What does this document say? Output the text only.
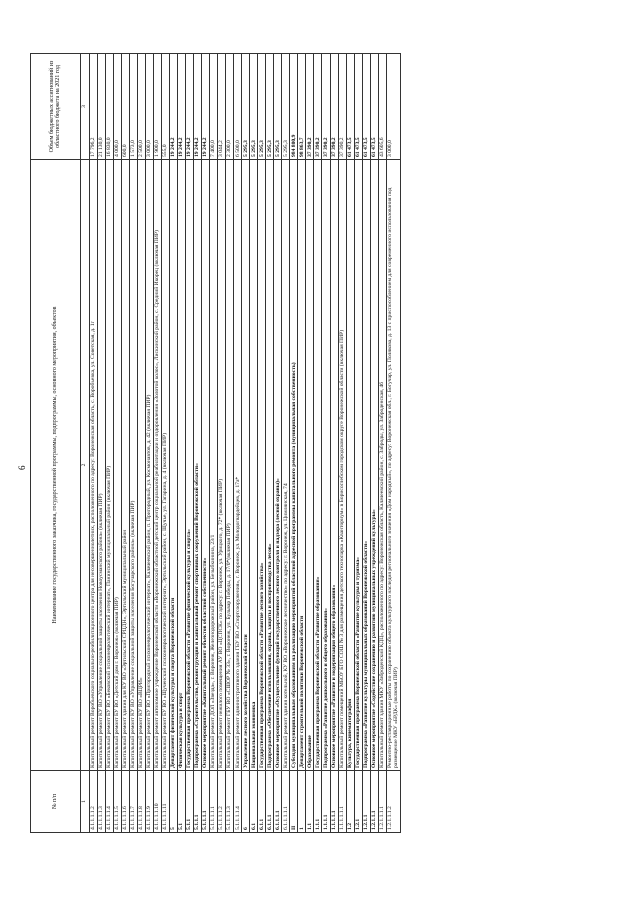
6
№ п/п	Наименование государственного заказчика, государственной программы, подпрограммы, основного мероприятия, объектов	Объем бюджетных ассигнований из областного бюджета на 2021 год
1	2	3
4.1.1.1.1.2	Капитальный ремонт Воробьевского социально-реабилитационного центра для несовершеннолетних, расположенного по адресу: Воронежская область, с. Воробьевка, ул. Советская, д. 1г	17 796,2
4.1.1.1.1.3	Капитальный ремонт КУ ВО «Управление социальной защиты населения Новоусманского района» (включая ПИР)	21 130,0
4.1.1.1.1.4	Капитальный ремонт БУ ВО «Бековский психоневрологический интернат», Панинский муниципальный район (включая ПИР)	16 830,0
4.1.1.1.1.5	Капитальный ремонт БУ ВО «Детский дом г. Воронеж» (включая ПИР)	4 000,0
4.1.1.1.1.6	Капитальный ремонт здания для КУ ВО «Эртильский СРЦДН», Эртильский муниципальный район	600,0
4.1.1.1.1.7	Капитальный ремонт КУ ВО «Управление социальной защиты населения Богучарского района» (включая ПИР)	1 573,0
4.1.1.1.1.8	Капитальный ремонт КУ ВО «ВЦРИ»	2 500,0
4.1.1.1.1.9	Капитальный ремонт БУ ВО «Пригородный психоневрологический интернат», Калачеевский район, п. Пригородный, ул. Космонавтов, д. 42 (включая ПИР)	3 000,0
4.1.1.1.1.10	Капитальный ремонт автономное учреждение Воронежской области «Воронежский областной детский центр социальной реабилитации и оздоровления «Золотой колос», Лискинский район, с. Средний Икорец (включая ПИР)	1 900,0
4.1.1.1.1.11	Капитальный ремонт БУ ВО «Щученский психоневрологический интернат», Эртильский район, с. Щучье, ул. Гагарина, д. 4 (включая ПИР)	555,0
5	Департамент физической культуры и спорта Воронежской области	19 244,2
5.1	Физическая культура и спорт	19 244,2
5.1.1	Государственная программа Воронежской области «Развитие физической культуры и спорта»	19 244,2
5.1.1.1	Подпрограмма «Строительство, реконструкция и капитальный ремонт спортивных сооружений Воронежской области»	19 244,2
5.1.1.1.1	Основное мероприятие «Капитальный ремонт объектов областной собственности»	19 244,2
5.1.1.1.1.1	Капитальный ремонт ДОЛ «Звезда», г. Воронеж, Железнодорожный район, ул. Безыбкинина, 23/1	7 400,0
5.1.1.1.1.2	Капитальный ремонт нежилого помещения АУ ВО «ЦСПСК» по адресу: г. Воронеж, ул. Урицкого, д. 72* (включая ПИР)	3 044,2
5.1.1.1.1.3	Капитальный ремонт ГБУ ВО «СШОР № 33», г. Воронеж, ул. Бульвар Победы, д. 17/0*(включая ПИР)	2 300,0
5.1.1.1.1.4	Капитальный ремонт административного здания ГБУ ВО «Спортсооружения», г. Воронеж, ул. Молодогвардейцев, д. 17а*	6 500,0
6	Управление лесного хозяйства Воронежской области	5 295,3
6.1	Национальная экономика	5 295,3
6.1.1	Государственная программа Воронежской области «Развитие лесного хозяйства»	5 295,3
6.1.1.1	Подпрограмма «Обеспечение использования, охраны, защиты и воспроизводства лесов»	5 295,3
6.1.1.1.1	Основное мероприятие «Осуществление функций государственного лесного контроля и надзора (лесной охраны)»	5 295,3
6.1.1.1.1.1	Капитальный ремонт здания котельной, КУ ВО «Воронежское лесничество» по адресу: г. Воронеж, ул. Цимлянская, 74	5 295,3
II	Субсидии муниципальным образованиям на реализацию мероприятий областной адресной программы капитального ремонта (муниципальная собственность)	984 800,9
1	Департамент строительной политики Воронежской области	98 863,7
1.1	Образование	37 390,2
1.1.1	Государственная программа Воронежской области «Развитие образования»	37 390,2
1.1.1.1	Подпрограмма «Развитие дошкольного и общего образования»	37 390,2
1.1.1.1.1	Основное мероприятие «Развитие и модернизация общего образования»	37 390,2
1.1.1.1.1.1	Капитальный ремонт помещений МБОУ БГО СОШ № 3 для размещения детского технопарка «Кванториум» в Борисоглебском городском округе Воронежской области (включая ПИР)	37 390,2
1.2	Культура, кинематография	61 473,5
1.2.1	Государственная программа Воронежской области «Развитие культуры и туризма»	61 473,5
1.2.1.1	Подпрограмма «Развитие культуры муниципальных образований Воронежской области»	61 473,5
1.2.1.1.1	Основное мероприятие «Содействие сохранению и развитию муниципальных учреждений культуры»	61 473,5
1.2.1.1.1.1	Капитальный ремонт здания МКУ «Заброденский КДЦ», расположенного по адресу: Воронежская область, Калачеевский район, с. Заброды, ул. Заброденская, 46	43 605,6
1.2.1.1.1.2	Ремонтно-реставрационные работы по сохранению объекта культурного наследия регионального значения «Дом народный», по адресу: Воронежская обл., г. Богучар, ул. Полякова, д. 13 с приспособлением для современного использования под размещение МКУ «БРДК» (включая ПИР)	3 000,0
